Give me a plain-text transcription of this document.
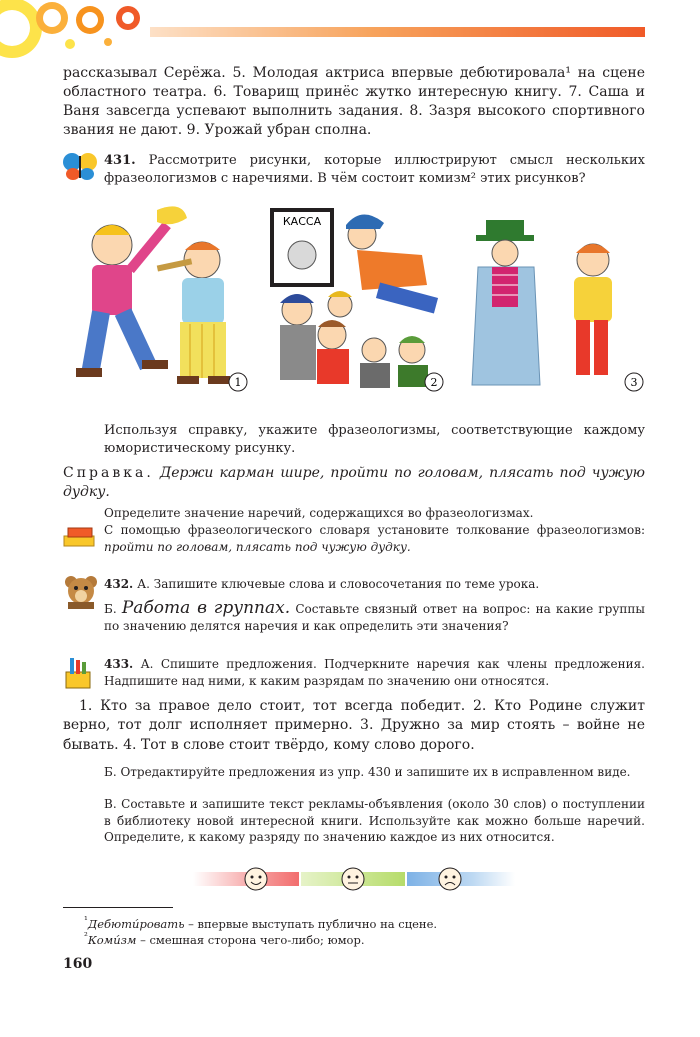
рассказывал Серёжа. 5. Молодая актриса впервые дебютировала¹ на сцене областного театра. 6. Товарищ принёс жутко интересную книгу. 7. Саша и Ваня завсегда успевают выполнить задания. 8. Зазря высокого спортивного звания не дают. 9. Урожай убран сполна.
431. Рассмотрите рисунки, которые иллюстрируют смысл нескольких фразеологизмов с наречиями. В чём состоит комизм² этих рисунков?
1
КАССА
2	3
Используя справку, укажите фразеологизмы, соответствующие каждому юмористическому рисунку.
Справка. Держи карман шире, пройти по головам, плясать под чужую дудку.
Определите значение наречий, содержащихся во фразеологизмах.
С помощью фразеологического словаря установите толкование фразеологизмов: пройти по головам, плясать под чужую дудку.
432. А. Запишите ключевые слова и словосочетания по теме урока.
Б. Работа в группах. Составьте связный ответ на вопрос: на какие группы по значению делятся наречия и как определить эти значения?
433. А. Спишите предложения. Подчеркните наречия как члены предложения. Надпишите над ними, к каким разрядам по значению они относятся.
1. Кто за правое дело стоит, тот всегда победит. 2. Кто Родине служит верно, тот долг исполняет примерно. 3. Дружно за мир стоять – войне не бывать. 4. Тот в слове стоит твёрдо, кому слово дорого.
Б. Отредактируйте предложения из упр. 430 и запишите их в исправленном виде.
В. Составьте и запишите текст рекламы-объявления (около 30 слов) о поступлении в библиотеку новой интересной книги. Используйте как можно больше наречий. Определите, к какому разряду по значению каждое из них относится.
$^{^1}$Дебюти́ровать – впервые выступать публично на сцене.
$^{^2}$Коми́зм – смешная сторона чего-либо; юмор.
160
